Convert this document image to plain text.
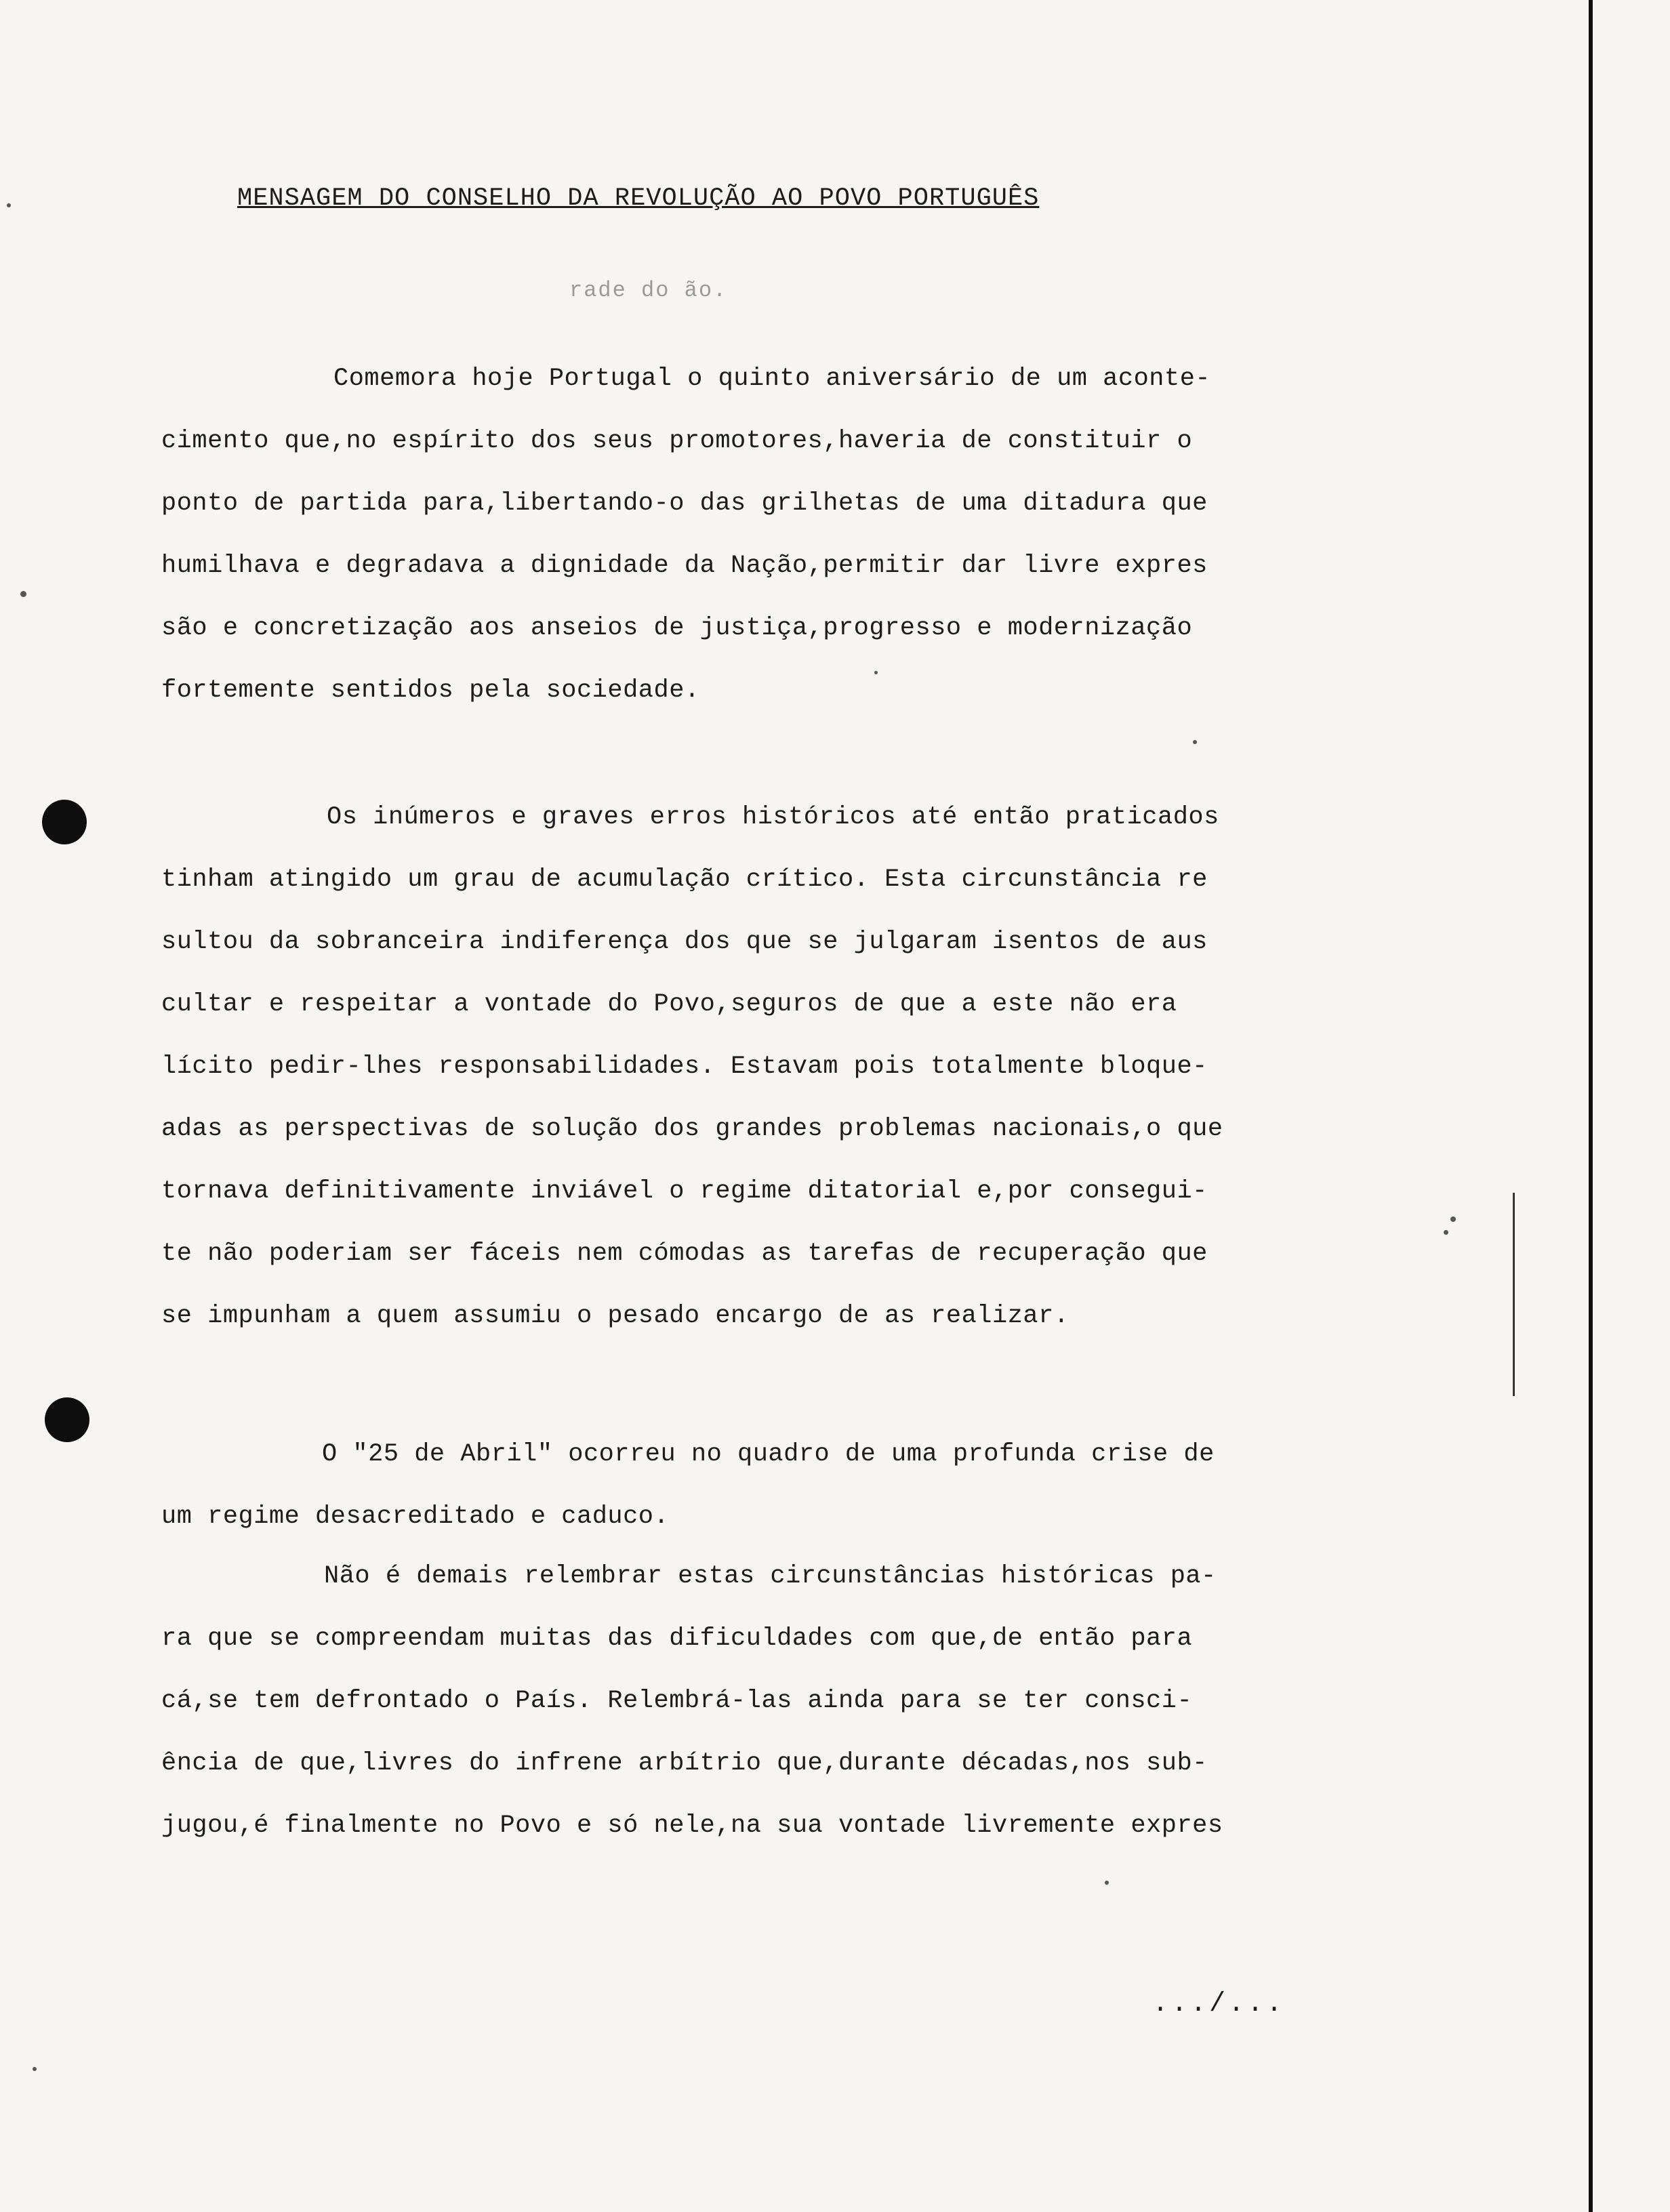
MENSAGEM DO CONSELHO DA REVOLUÇÃO AO POVO PORTUGUÊS
rade do ão.
Comemora hoje Portugal o quinto aniversário de um aconte-
cimento que,no espírito dos seus promotores,haveria de constituir o
ponto de partida para,libertando-o das grilhetas de uma ditadura que
humilhava e degradava a dignidade da Nação,permitir dar livre expres
são e concretização aos anseios de justiça,progresso e modernização
fortemente sentidos pela sociedade.
Os inúmeros e graves erros históricos até então praticados
tinham atingido um grau de acumulação crítico. Esta circunstância re
sultou da sobranceira indiferença dos que se julgaram isentos de aus
cultar e respeitar a vontade do Povo,seguros de que a este não era
lícito pedir-lhes responsabilidades. Estavam pois totalmente bloque-
adas as perspectivas de solução dos grandes problemas nacionais,o que
tornava definitivamente inviável o regime ditatorial e,por consegui-
te não poderiam ser fáceis nem cómodas as tarefas de recuperação que
se impunham a quem assumiu o pesado encargo de as realizar.
O "25 de Abril" ocorreu no quadro de uma profunda crise de
um regime desacreditado e caduco.
Não é demais relembrar estas circunstâncias históricas pa-
ra que se compreendam muitas das dificuldades com que,de então para
cá,se tem defrontado o País. Relembrá-las ainda para se ter consci-
ência de que,livres do infrene arbítrio que,durante décadas,nos sub-
jugou,é finalmente no Povo e só nele,na sua vontade livremente expres
.../...
